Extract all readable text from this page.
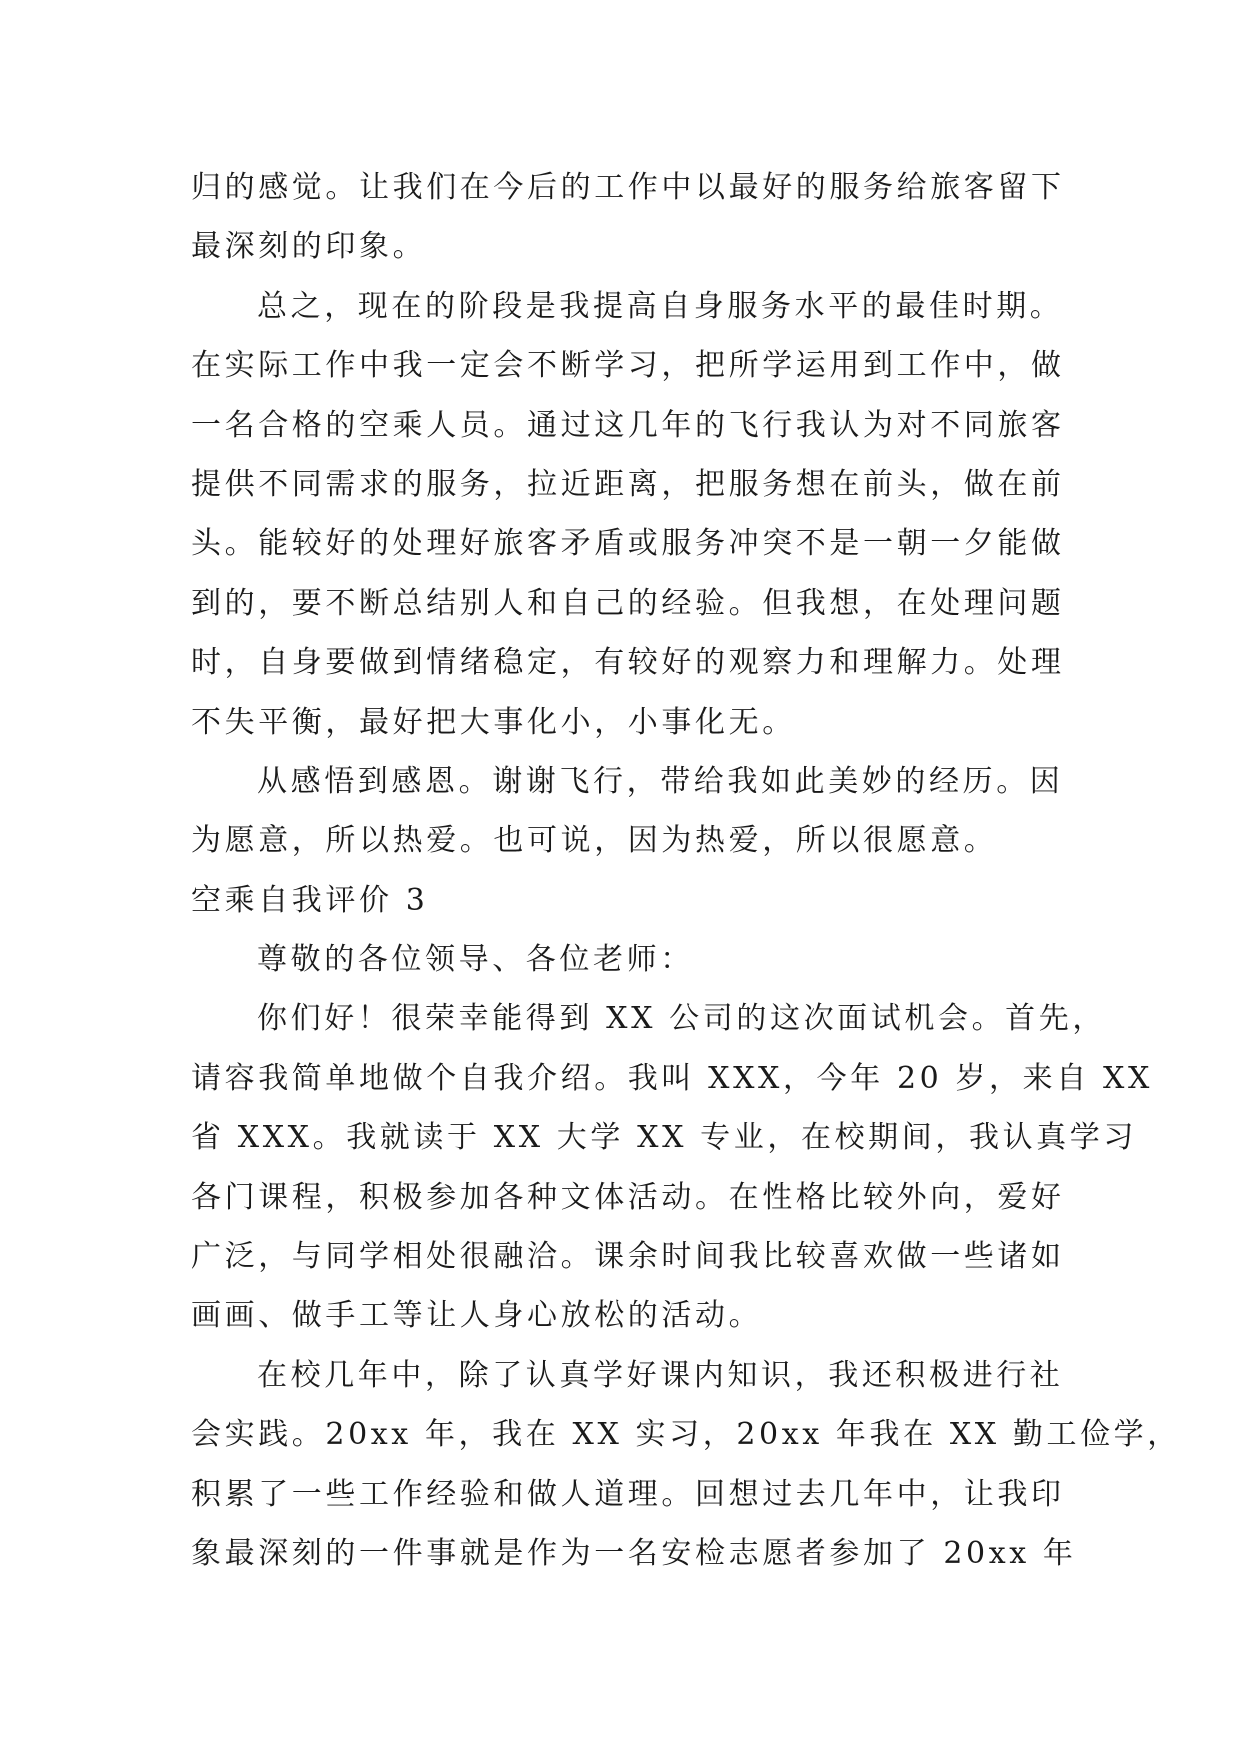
归的感觉。让我们在今后的工作中以最好的服务给旅客留下
最深刻的印象。

总之，现在的阶段是我提高自身服务水平的最佳时期。
在实际工作中我一定会不断学习，把所学运用到工作中，做
一名合格的空乘人员。通过这几年的飞行我认为对不同旅客
提供不同需求的服务，拉近距离，把服务想在前头，做在前
头。能较好的处理好旅客矛盾或服务冲突不是一朝一夕能做
到的，要不断总结别人和自己的经验。但我想，在处理问题
时，自身要做到情绪稳定，有较好的观察力和理解力。处理
不失平衡，最好把大事化小，小事化无。

从感悟到感恩。谢谢飞行，带给我如此美妙的经历。因
为愿意，所以热爱。也可说，因为热爱，所以很愿意。

空乘自我评价 3
尊敬的各位领导、各位老师：

你们好！很荣幸能得到 XX 公司的这次面试机会。首先，
请容我简单地做个自我介绍。我叫 XXX，今年 20 岁，来自 XX
省 XXX。我就读于 XX 大学 XX 专业，在校期间，我认真学习
各门课程，积极参加各种文体活动。在性格比较外向，爱好
广泛，与同学相处很融洽。课余时间我比较喜欢做一些诸如
画画、做手工等让人身心放松的活动。

在校几年中，除了认真学好课内知识，我还积极进行社
会实践。20xx 年，我在 XX 实习，20xx 年我在 XX 勤工俭学，
积累了一些工作经验和做人道理。回想过去几年中，让我印
象最深刻的一件事就是作为一名安检志愿者参加了 20xx 年
